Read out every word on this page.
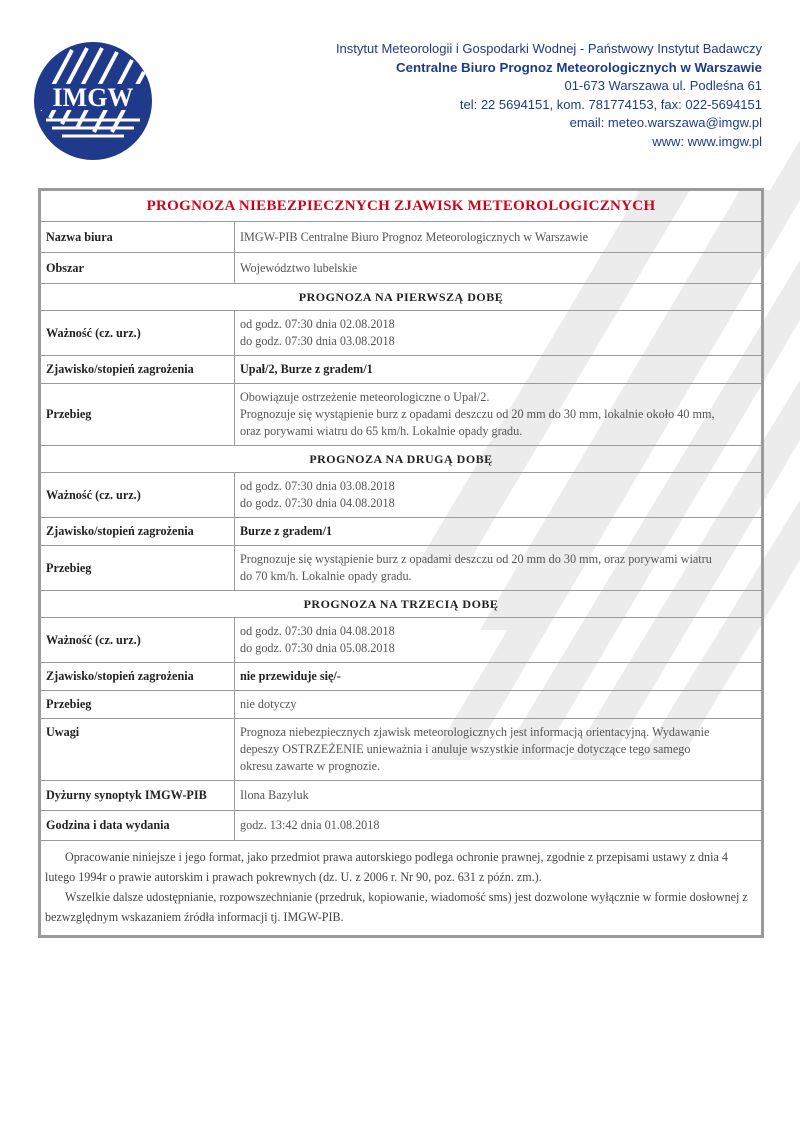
IMGW
Instytut Meteorologii i Gospodarki Wodnej - Państwowy Instytut Badawczy
Centralne Biuro Prognoz Meteorologicznych w Warszawie
01-673 Warszawa ul. Podleśna 61
tel: 22 5694151, kom. 781774153, fax: 022-5694151
email: meteo.warszawa@imgw.pl
www: www.imgw.pl
PROGNOZA NIEBEZPIECZNYCH ZJAWISK METEOROLOGICZNYCH	
Nazwa biura	IMGW-PIB Centralne Biuro Prognoz Meteorologicznych w Warszawie
Obszar	Województwo lubelskie
PROGNOZA NA PIERWSZĄ DOBĘ	
Ważność (cz. urz.)	od godz. 07:30 dnia 02.08.2018
do godz. 07:30 dnia 03.08.2018

Zjawisko/stopień zagrożenia	Upał/2, Burze z gradem/1
Przebieg	Obowiązuje ostrzeżenie meteorologiczne o Upał/2.
Prognozuje się wystąpienie burz z opadami deszczu od 20 mm do 30 mm, lokalnie około 40 mm,
oraz porywami wiatru do 65 km/h. Lokalnie opady gradu.

PROGNOZA NA DRUGĄ DOBĘ	
Ważność (cz. urz.)	od godz. 07:30 dnia 03.08.2018
do godz. 07:30 dnia 04.08.2018

Zjawisko/stopień zagrożenia	Burze z gradem/1
Przebieg	Prognozuje się wystąpienie burz z opadami deszczu od 20 mm do 30 mm, oraz porywami wiatru
do 70 km/h. Lokalnie opady gradu.

PROGNOZA NA TRZECIĄ DOBĘ	
Ważność (cz. urz.)	od godz. 07:30 dnia 04.08.2018
do godz. 07:30 dnia 05.08.2018

Zjawisko/stopień zagrożenia	nie przewiduje się/-
Przebieg	nie dotyczy
Uwagi	Prognoza niebezpiecznych zjawisk meteorologicznych jest informacją orientacyjną. Wydawanie
depeszy OSTRZEŻENIE unieważnia i anuluje wszystkie informacje dotyczące tego samego
okresu zawarte w prognozie.

Dyżurny synoptyk IMGW-PIB	Ilona Bazyluk
Godzina i data wydania	godz. 13:42 dnia 01.08.2018

Opracowanie niniejsze i jego format, jako przedmiot prawa autorskiego podlega ochronie prawnej, zgodnie z przepisami ustawy z dnia 4 lutego 1994r o prawie autorskim i prawach pokrewnych (dz. U. z 2006 r. Nr 90, poz. 631 z późn. zm.).

Wszelkie dalsze udostępnianie, rozpowszechnianie (przedruk, kopiowanie, wiadomość sms) jest dozwolone wyłącznie w formie dosłownej z bezwzględnym wskazaniem źródła informacji tj. IMGW-PIB.	
